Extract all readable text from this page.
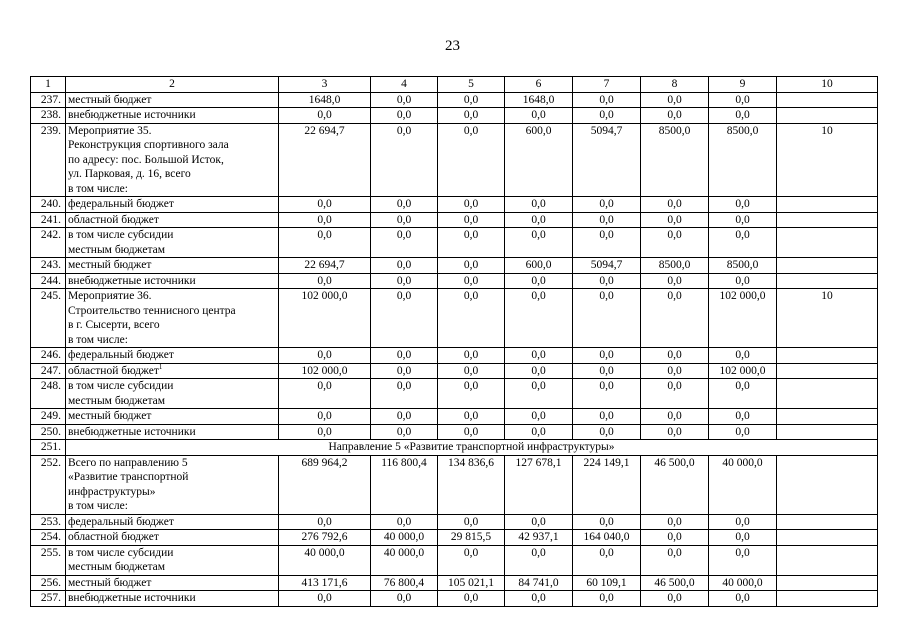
23
1	2	3	4	5	6	7	8	9	10
237.	местный бюджет	1648,0	0,0	0,0	1648,0	0,0	0,0	0,0	
238.	внебюджетные источники	0,0	0,0	0,0	0,0	0,0	0,0	0,0	
239.	Мероприятие 35.
Реконструкция спортивного зала
по адресу: пос. Большой Исток,
ул. Парковая, д. 16, всего
в том числе:	22 694,7	0,0	0,0	600,0	5094,7	8500,0	8500,0	10
240.	федеральный бюджет	0,0	0,0	0,0	0,0	0,0	0,0	0,0	
241.	областной бюджет	0,0	0,0	0,0	0,0	0,0	0,0	0,0	
242.	в том числе субсидии
местным бюджетам	0,0	0,0	0,0	0,0	0,0	0,0	0,0	
243.	местный бюджет	22 694,7	0,0	0,0	600,0	5094,7	8500,0	8500,0	
244.	внебюджетные источники	0,0	0,0	0,0	0,0	0,0	0,0	0,0	
245.	Мероприятие 36.
Строительство теннисного центра
в г. Сысерти, всего
в том числе:	102 000,0	0,0	0,0	0,0	0,0	0,0	102 000,0	10
246.	федеральный бюджет	0,0	0,0	0,0	0,0	0,0	0,0	0,0	
247.	областной бюджет$^1$	102 000,0	0,0	0,0	0,0	0,0	0,0	102 000,0	
248.	в том числе субсидии
местным бюджетам	0,0	0,0	0,0	0,0	0,0	0,0	0,0	
249.	местный бюджет	0,0	0,0	0,0	0,0	0,0	0,0	0,0	
250.	внебюджетные источники	0,0	0,0	0,0	0,0	0,0	0,0	0,0	
251.	Направление 5 «Развитие транспортной инфраструктуры»								
252.	Всего по направлению 5
«Развитие транспортной
инфраструктуры»
в том числе:	689 964,2	116 800,4	134 836,6	127 678,1	224 149,1	46 500,0	40 000,0	
253.	федеральный бюджет	0,0	0,0	0,0	0,0	0,0	0,0	0,0	
254.	областной бюджет	276 792,6	40 000,0	29 815,5	42 937,1	164 040,0	0,0	0,0	
255.	в том числе субсидии
местным бюджетам	40 000,0	40 000,0	0,0	0,0	0,0	0,0	0,0	
256.	местный бюджет	413 171,6	76 800,4	105 021,1	84 741,0	60 109,1	46 500,0	40 000,0	
257.	внебюджетные источники	0,0	0,0	0,0	0,0	0,0	0,0	0,0	
